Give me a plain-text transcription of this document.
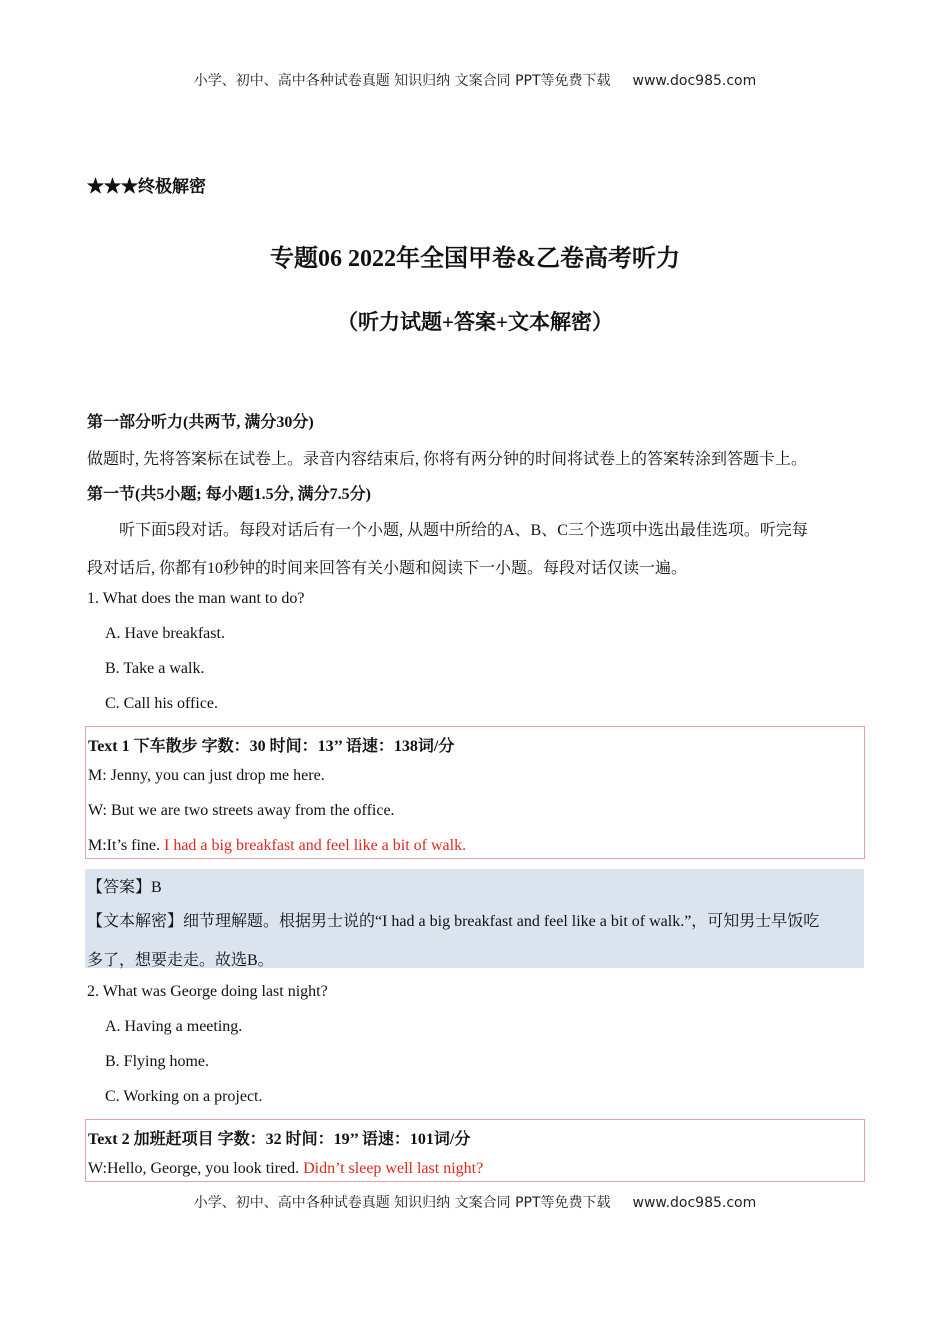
小学、初中、高中各种试卷真题 知识归纳 文案合同 PPT等免费下载 www.doc985.com
★★★终极解密
专题06 2022年全国甲卷&乙卷高考听力
（听力试题+答案+文本解密）
第一部分听力(共两节, 满分30分)
做题时, 先将答案标在试卷上。录音内容结束后, 你将有两分钟的时间将试卷上的答案转涂到答题卡上。
第一节(共5小题; 每小题1.5分, 满分7.5分)
听下面5段对话。每段对话后有一个小题, 从题中所给的A、B、C三个选项中选出最佳选项。听完每
段对话后, 你都有10秒钟的时间来回答有关小题和阅读下一小题。每段对话仅读一遍。
1. What does the man want to do?
A. Have breakfast.
B. Take a walk.
C. Call his office.
Text 1 下车散步 字数：30 时间：13’’ 语速：138词/分
M: Jenny, you can just drop me here.
W: But we are two streets away from the office.
M:It’s fine. I had a big breakfast and feel like a bit of walk.
【答案】B
【文本解密】细节理解题。根据男士说的“I had a big breakfast and feel like a bit of walk.”，可知男士早饭吃
多了，想要走走。故选B。
2. What was George doing last night?
A. Having a meeting.
B. Flying home.
C. Working on a project.
Text 2 加班赶项目 字数：32 时间：19’’ 语速：101词/分
W:Hello, George, you look tired. Didn’t sleep well last night?
小学、初中、高中各种试卷真题 知识归纳 文案合同 PPT等免费下载 www.doc985.com
